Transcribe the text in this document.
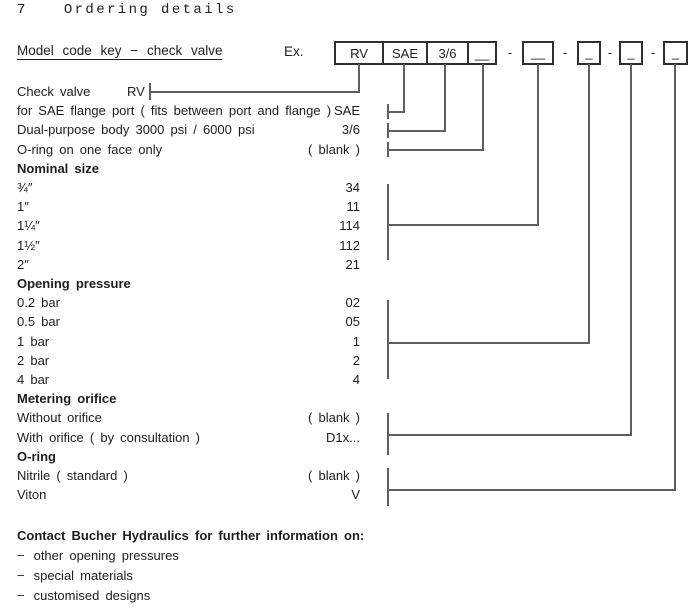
7	Ordering details
Model code key − check valve	Ex.	RV	SAE	3/6	__	-	__	-	_	-	_	-	_
Check valve	RV
for SAE flange port ( fits between port and flange ) SAE
Dual-purpose body 3000 psi / 6000 psi	3/6
O-ring on one face only	( blank )
Nominal size
¾″	34
1″	11
1¼″	114
1½″	112
2″	21
Opening pressure
0.2 bar	02
0.5 bar	05
1 bar	1
2 bar	2
4 bar	4
Metering orifice
Without orifice	( blank )
With orifice ( by consultation )	D1x...
O-ring
Nitrile ( standard )	( blank )
Viton	V
Contact Bucher Hydraulics for further information on:
− other opening pressures
− special materials
− customised designs
